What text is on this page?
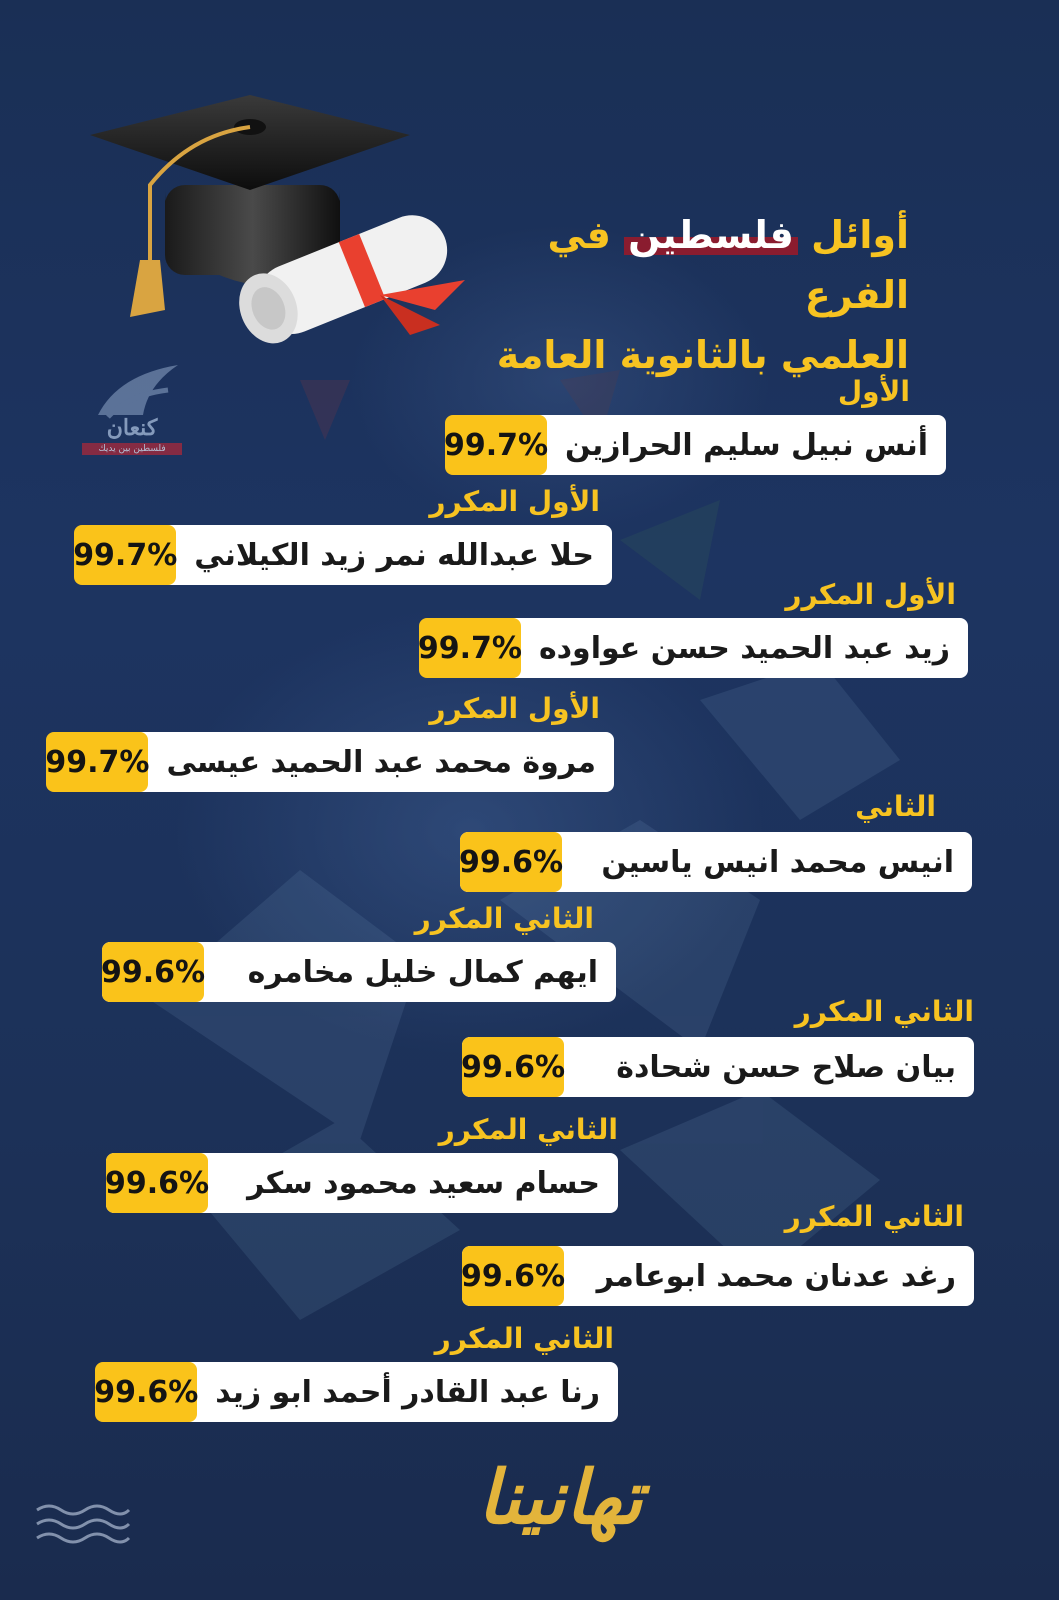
أوائل فلسطين في الفرع
العلمي بالثانوية العامة
كنعان
فلسطين بين يديك
الأول
أنس نبيل سليم الحرازين
99.7%
الأول المكرر
حلا عبدالله نمر زيد الكيلاني
99.7%
الأول المكرر
زيد عبد الحميد حسن عواوده
99.7%
الأول المكرر
مروة محمد عبد الحميد عيسى
99.7%
الثاني
انيس محمد انيس ياسين
99.6%
الثاني المكرر
ايهم كمال خليل مخامره
99.6%
الثاني المكرر
بيان صلاح حسن شحادة
99.6%
الثاني المكرر
حسام سعيد محمود سكر
99.6%
الثاني المكرر
رغد عدنان محمد ابوعامر
99.6%
الثاني المكرر
رنا عبد القادر أحمد ابو زيد
99.6%
تهانينا
